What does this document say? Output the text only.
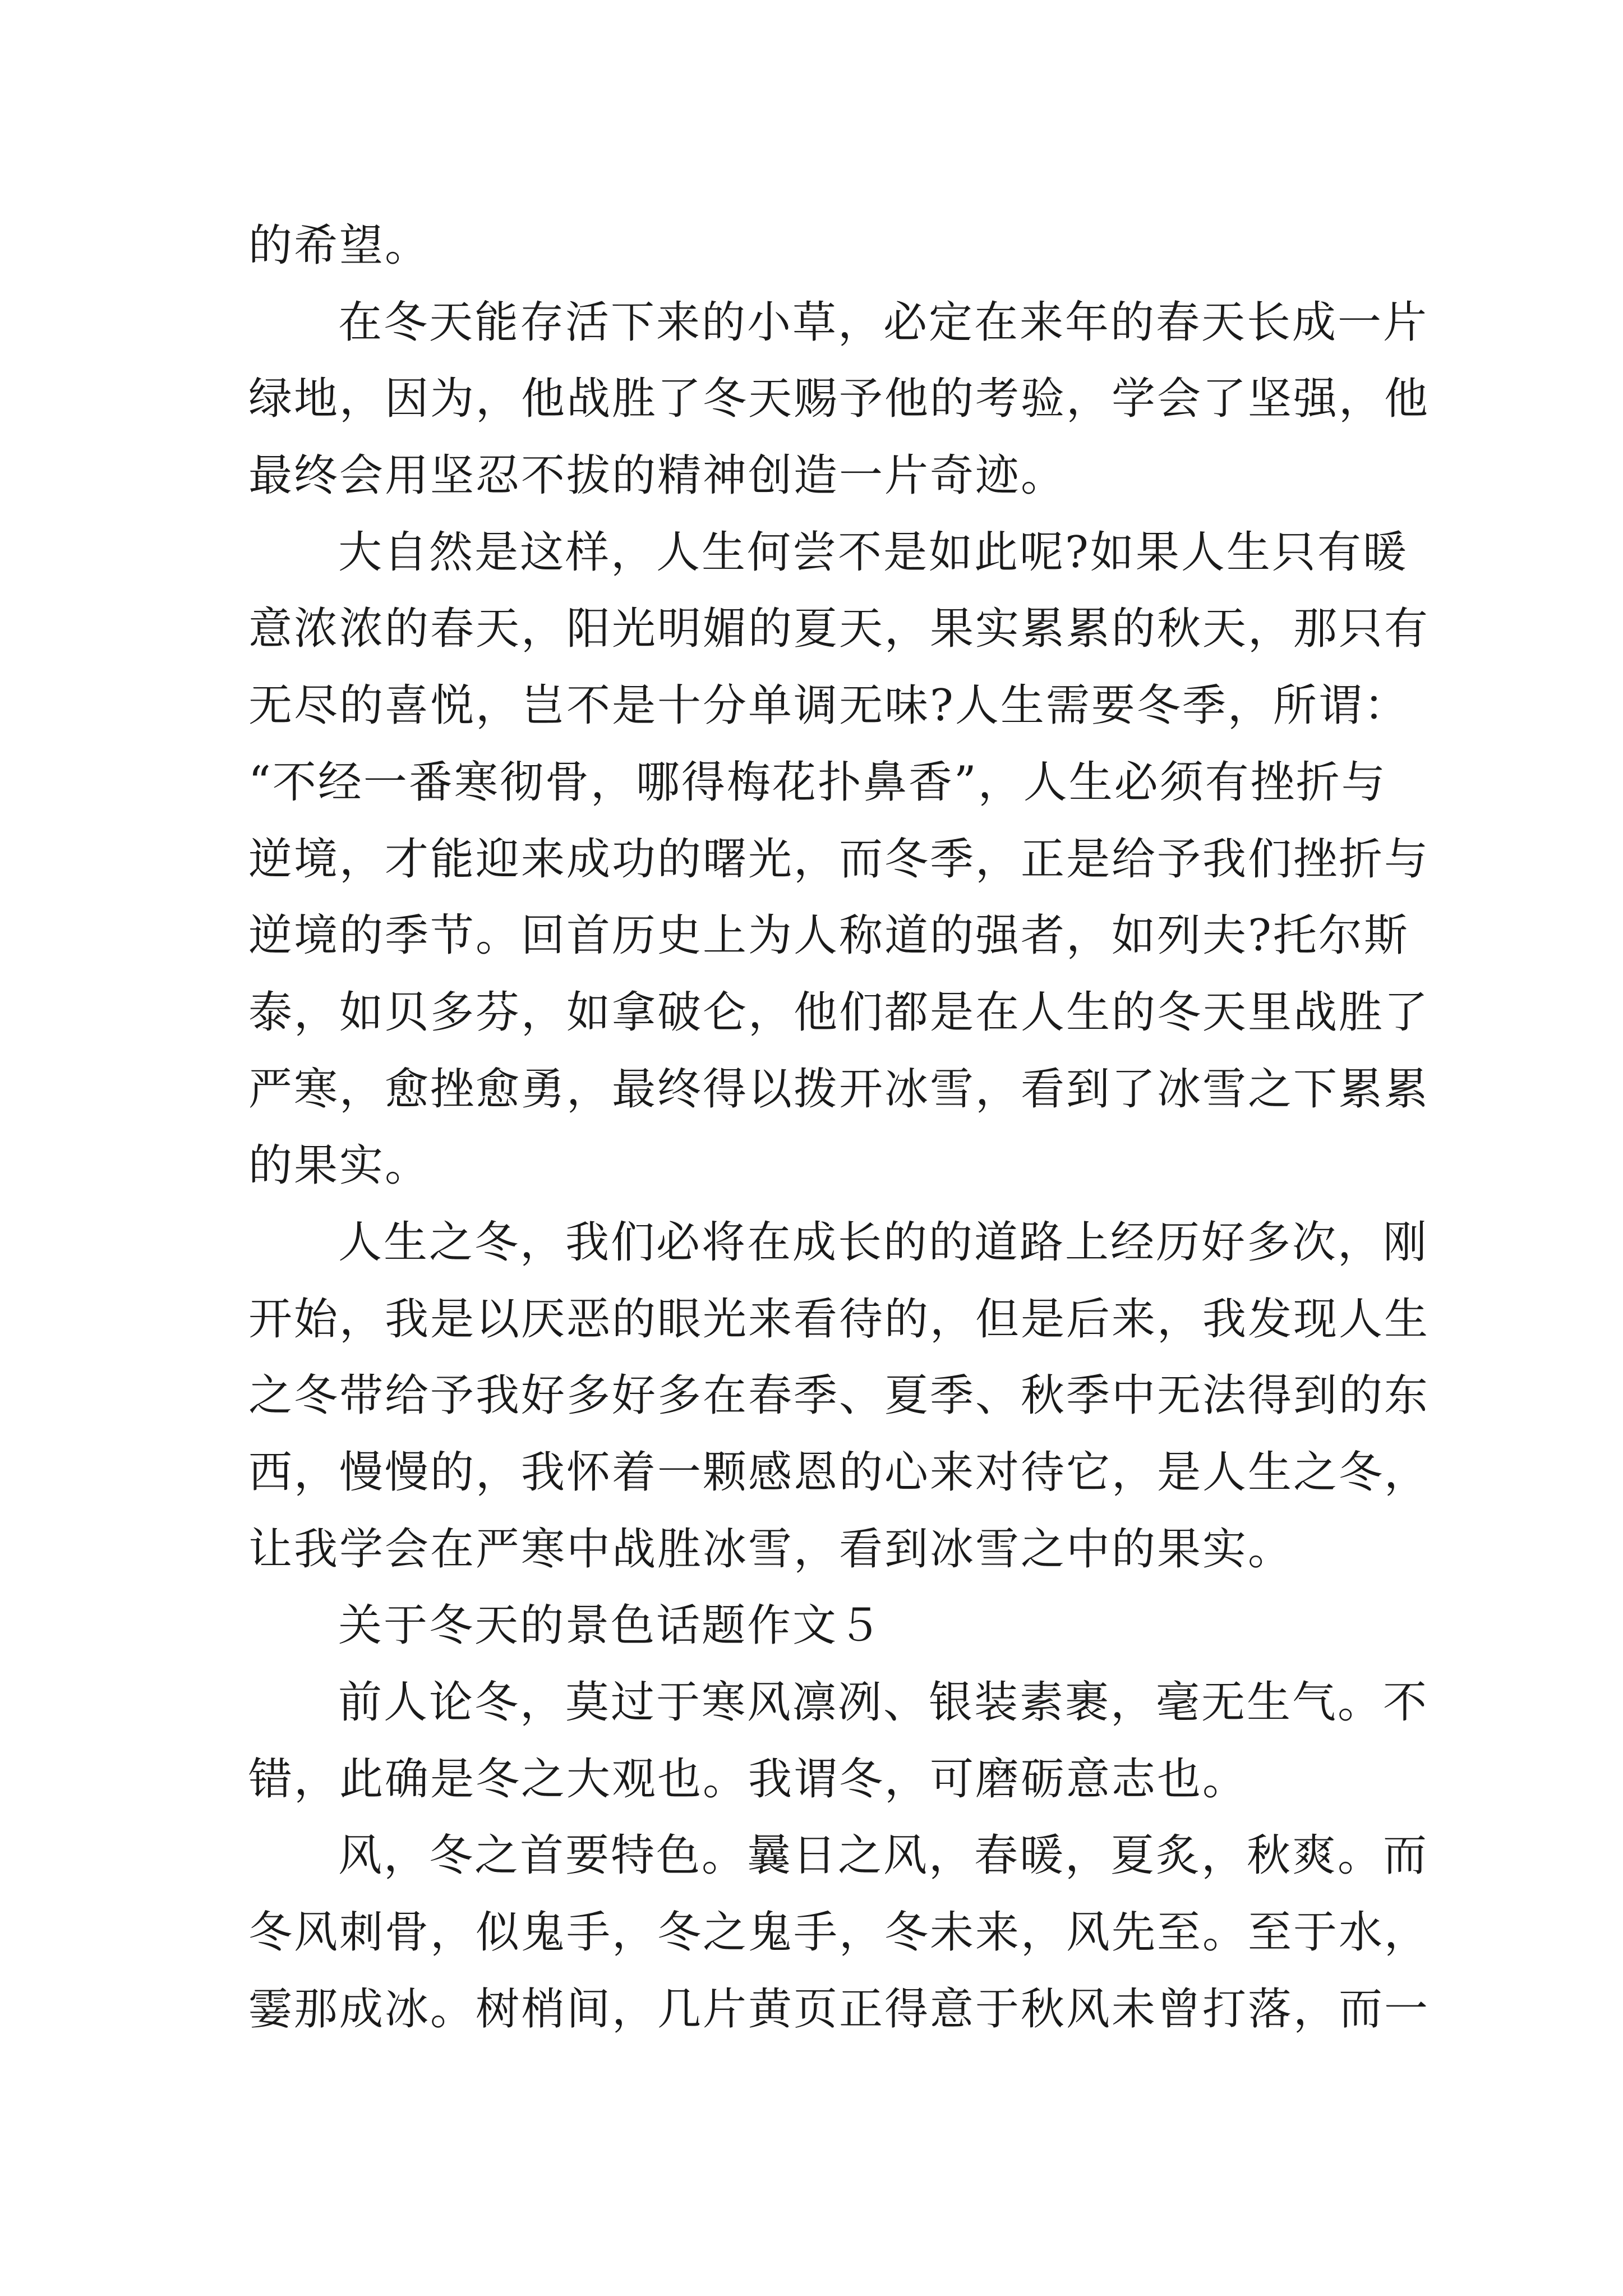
的希望。
在冬天能存活下来的小草，必定在来年的春天长成一片
绿地，因为，他战胜了冬天赐予他的考验，学会了坚强，他
最终会用坚忍不拔的精神创造一片奇迹。
大自然是这样，人生何尝不是如此呢?如果人生只有暖
意浓浓的春天，阳光明媚的夏天，果实累累的秋天，那只有
无尽的喜悦，岂不是十分单调无味?人生需要冬季，所谓：
“不经一番寒彻骨，哪得梅花扑鼻香”，人生必须有挫折与
逆境，才能迎来成功的曙光，而冬季，正是给予我们挫折与
逆境的季节。回首历史上为人称道的强者，如列夫?托尔斯
泰，如贝多芬，如拿破仑，他们都是在人生的冬天里战胜了
严寒，愈挫愈勇，最终得以拨开冰雪，看到了冰雪之下累累
的果实。
人生之冬，我们必将在成长的的道路上经历好多次，刚
开始，我是以厌恶的眼光来看待的，但是后来，我发现人生
之冬带给予我好多好多在春季、夏季、秋季中无法得到的东
西，慢慢的，我怀着一颗感恩的心来对待它，是人生之冬，
让我学会在严寒中战胜冰雪，看到冰雪之中的果实。
关于冬天的景色话题作文５
前人论冬，莫过于寒风凛冽、银装素裹，毫无生气。不
错，此确是冬之大观也。我谓冬，可磨砺意志也。
风，冬之首要特色。曩日之风，春暖，夏炙，秋爽。而
冬风刺骨，似鬼手，冬之鬼手，冬未来，风先至。至于水，
霎那成冰。树梢间，几片黄页正得意于秋风未曾打落，而一
